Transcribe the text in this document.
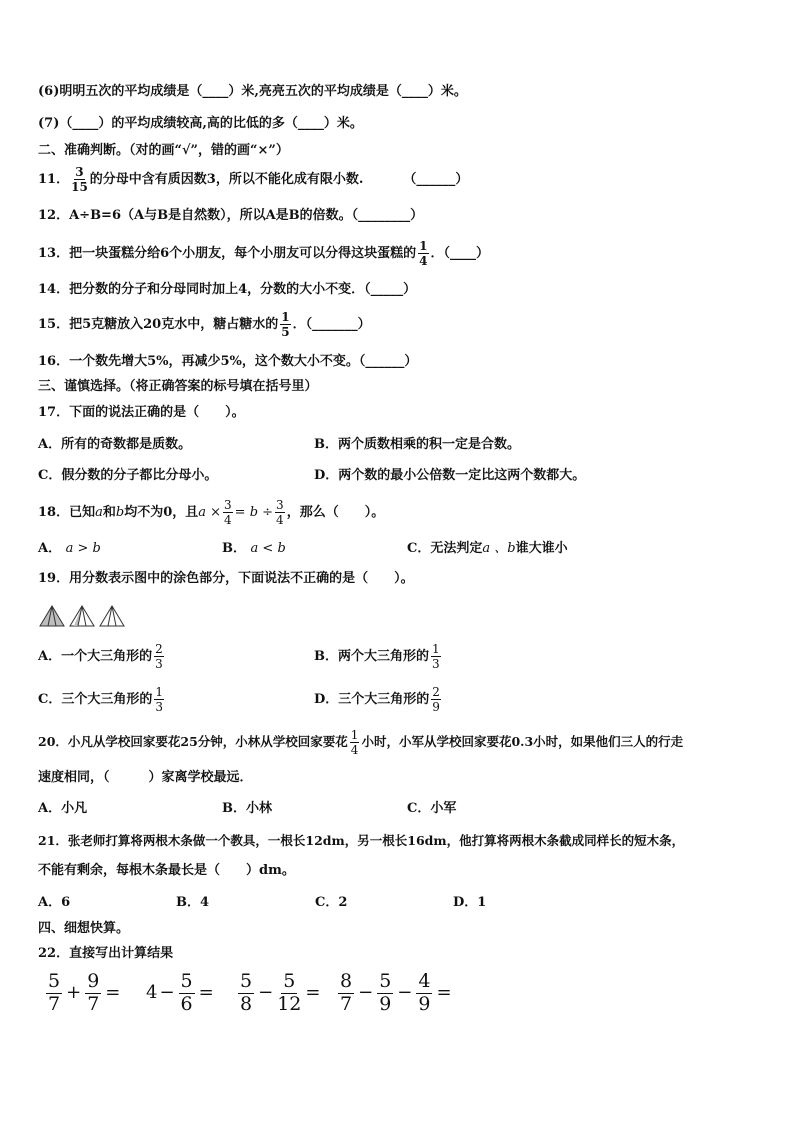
(6)明明五次的平均成绩是（____）米,亮亮五次的平均成绩是（____）米。
(7)（____）的平均成绩较高,高的比低的多（____）米。
二、准确判断。（对的画“√”，错的画“×”）
11． $\frac{3}{15}$ 的分母中含有质因数3，所以不能化成有限小数.	（______）
12．A÷B=6（A与B是自然数），所以A是B的倍数。（________）
13．把一块蛋糕分给6个小朋友，每个小朋友可以分得这块蛋糕的 $\frac{1}{4}$ ．（____）
14．把分数的分子和分母同时加上4，分数的大小不变．（_____）
15．把5克糖放入20克水中，糖占糖水的 $\frac{1}{5}$ ．（_______）
16．一个数先增大5%，再减少5%，这个数大小不变。（______）
三、谨慎选择。（将正确答案的标号填在括号里）
17．下面的说法正确的是（　　）。
A．所有的奇数都是质数。	B．两个质数相乘的积一定是合数。
C．假分数的分子都比分母小。	D．两个数的最小公倍数一定比这两个数都大。
18．已知a和b均不为0，且$a \times \frac{3}{4} = b \div \frac{3}{4}$ ，那么（　　）。
A． a > b	B． a < b	C．无法判定a 、b谁大谁小
19．用分数表示图中的涂色部分，下面说法不正确的是（　　）。
A．一个大三角形的 $\frac{2}{3}$	B．两个大三角形的 $\frac{1}{3}$
C．三个大三角形的 $\frac{1}{3}$	D．三个大三角形的 $\frac{2}{9}$
20．小凡从学校回家要花25分钟，小林从学校回家要花 $\frac{1}{4}$ 小时，小军从学校回家要花0.3小时，如果他们三人的行走
速度相同，（　　　）家离学校最远．
A．小凡	B．小林	C．小军
21．张老师打算将两根木条做一个教具，一根长12dm，另一根长16dm，他打算将两根木条截成同样长的短木条，
不能有剩余，每根木条最长是（　　）dm。
A．6	B．4	C．2	D．1
四、细想快算。
22．直接写出计算结果
$\frac{5}{7} + \frac{9}{7} = 4 - \frac{5}{6} = \frac{5}{8} - \frac{5}{12} = \frac{8}{7} - \frac{5}{9} - \frac{4}{9}$ =
